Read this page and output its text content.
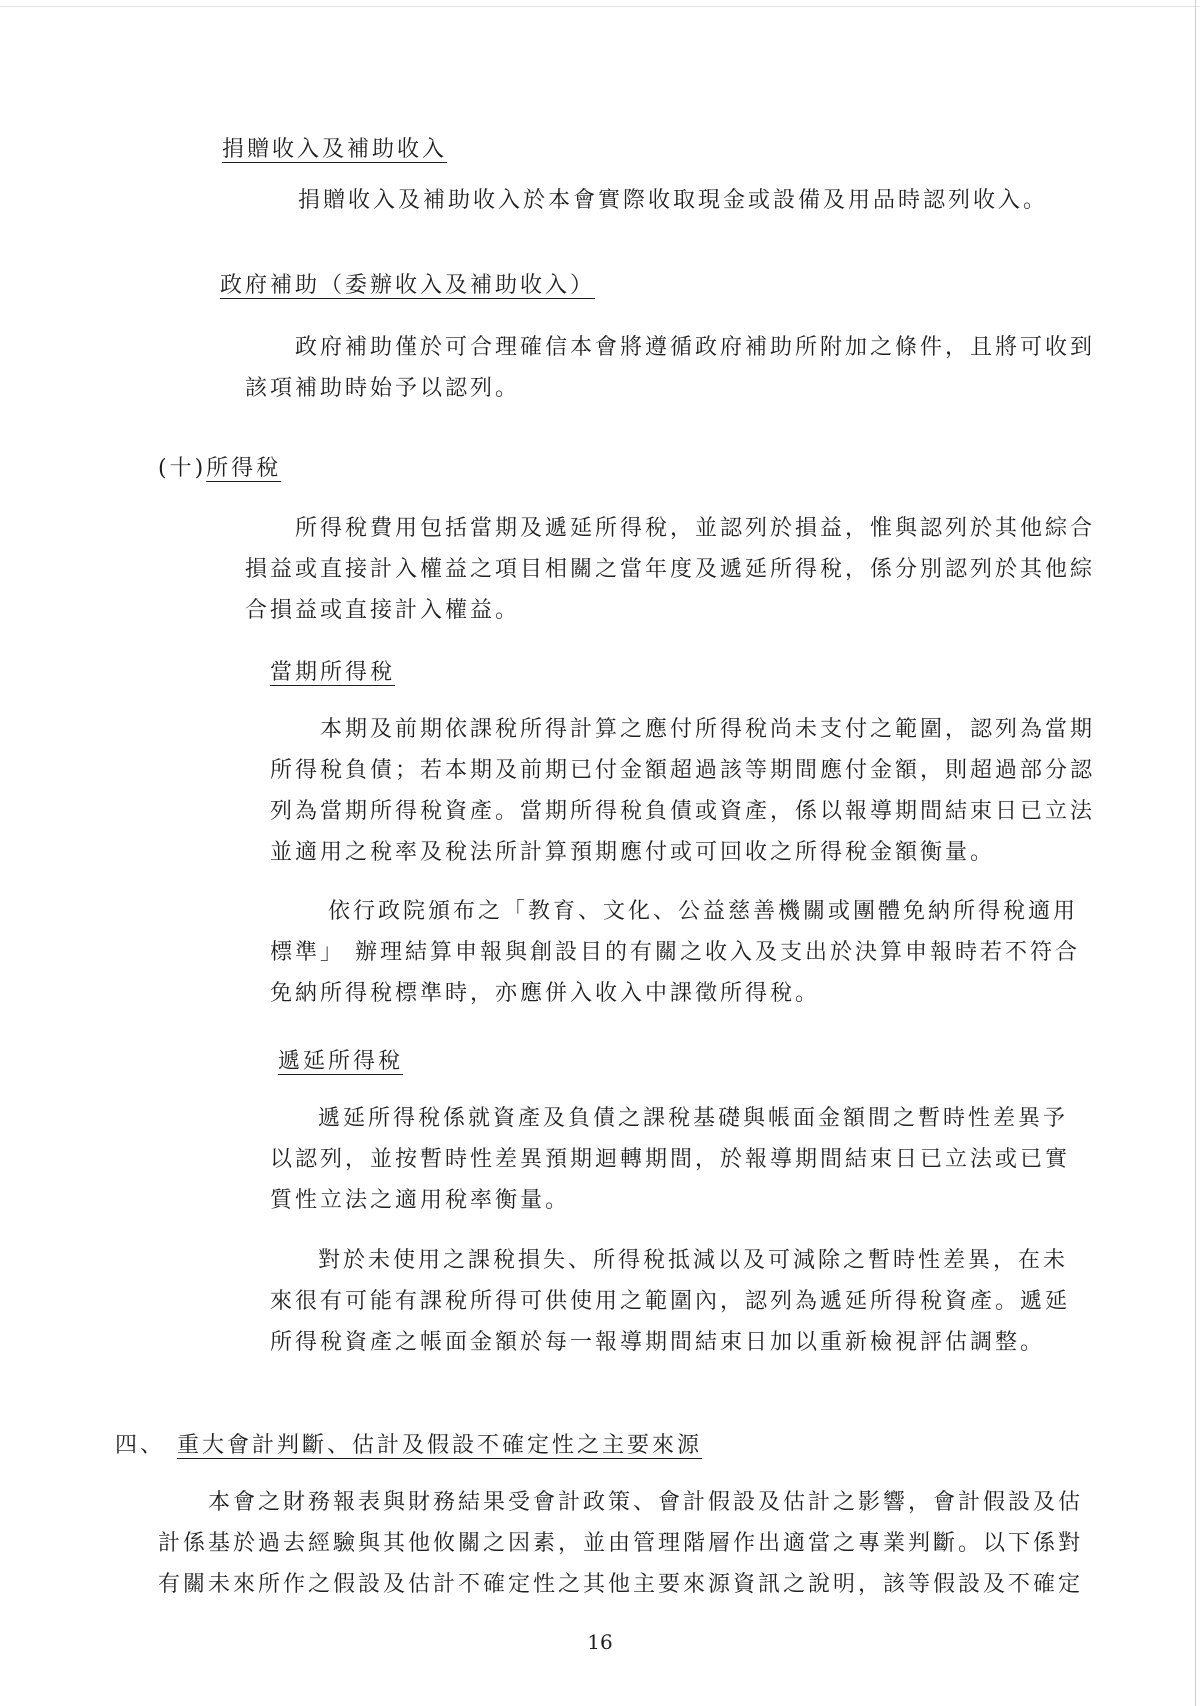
捐贈收入及補助收入
捐贈收入及補助收入於本會實際收取現金或設備及用品時認列收入。
政府補助（委辦收入及補助收入）
政府補助僅於可合理確信本會將遵循政府補助所附加之條件，且將可收到
該項補助時始予以認列。
(十)所得稅
所得稅費用包括當期及遞延所得稅，並認列於損益，惟與認列於其他綜合
損益或直接計入權益之項目相關之當年度及遞延所得稅，係分別認列於其他綜
合損益或直接計入權益。
當期所得稅
本期及前期依課稅所得計算之應付所得稅尚未支付之範圍，認列為當期
所得稅負債；若本期及前期已付金額超過該等期間應付金額，則超過部分認
列為當期所得稅資產。當期所得稅負債或資產，係以報導期間結束日已立法
並適用之稅率及稅法所計算預期應付或可回收之所得稅金額衡量。
依行政院頒布之「教育、文化、公益慈善機關或團體免納所得稅適用
標準」 辦理結算申報與創設目的有關之收入及支出於決算申報時若不符合
免納所得稅標準時，亦應併入收入中課徵所得稅。
遞延所得稅
遞延所得稅係就資產及負債之課稅基礎與帳面金額間之暫時性差異予
以認列，並按暫時性差異預期迴轉期間，於報導期間結束日已立法或已實
質性立法之適用稅率衡量。
對於未使用之課稅損失、所得稅抵減以及可減除之暫時性差異，在未
來很有可能有課稅所得可供使用之範圍內，認列為遞延所得稅資產。遞延
所得稅資產之帳面金額於每一報導期間結束日加以重新檢視評估調整。
四、 重大會計判斷、估計及假設不確定性之主要來源
本會之財務報表與財務結果受會計政策、會計假設及估計之影響，會計假設及估
計係基於過去經驗與其他攸關之因素，並由管理階層作出適當之專業判斷。以下係對
有關未來所作之假設及估計不確定性之其他主要來源資訊之說明，該等假設及不確定
16
